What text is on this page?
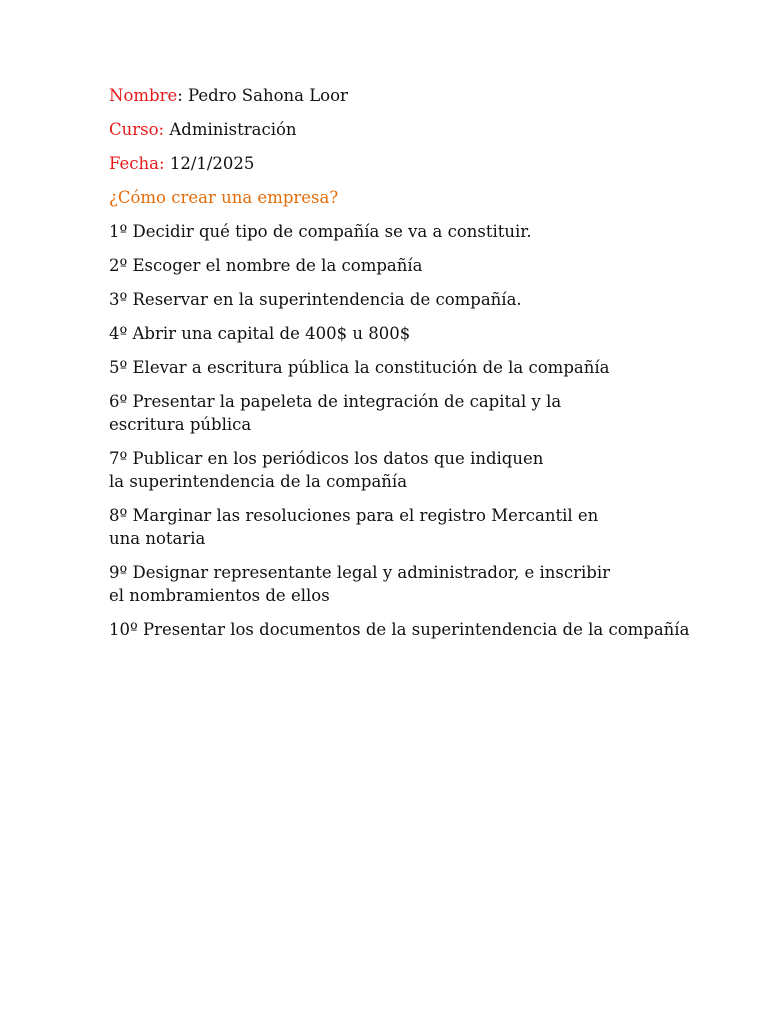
Nombre: Pedro Sahona Loor

Curso: Administración

Fecha: 12/1/2025

¿Cómo crear una empresa?

1º Decidir qué tipo de compañía se va a constituir.
2º Escoger el nombre de la compañía
3º Reservar en la superintendencia de compañía.
4º Abrir una capital de 400$ u 800$
5º Elevar a escritura pública la constitución de la compañía
6º Presentar la papeleta de integración de capital y la escritura pública
7º Publicar en los periódicos los datos que indiquen la superintendencia de la compañía
8º Marginar las resoluciones para el registro Mercantil en una notaria
9º Designar representante legal y administrador, e inscribir el nombramientos de ellos
10º Presentar los documentos de la superintendencia de la compañía
